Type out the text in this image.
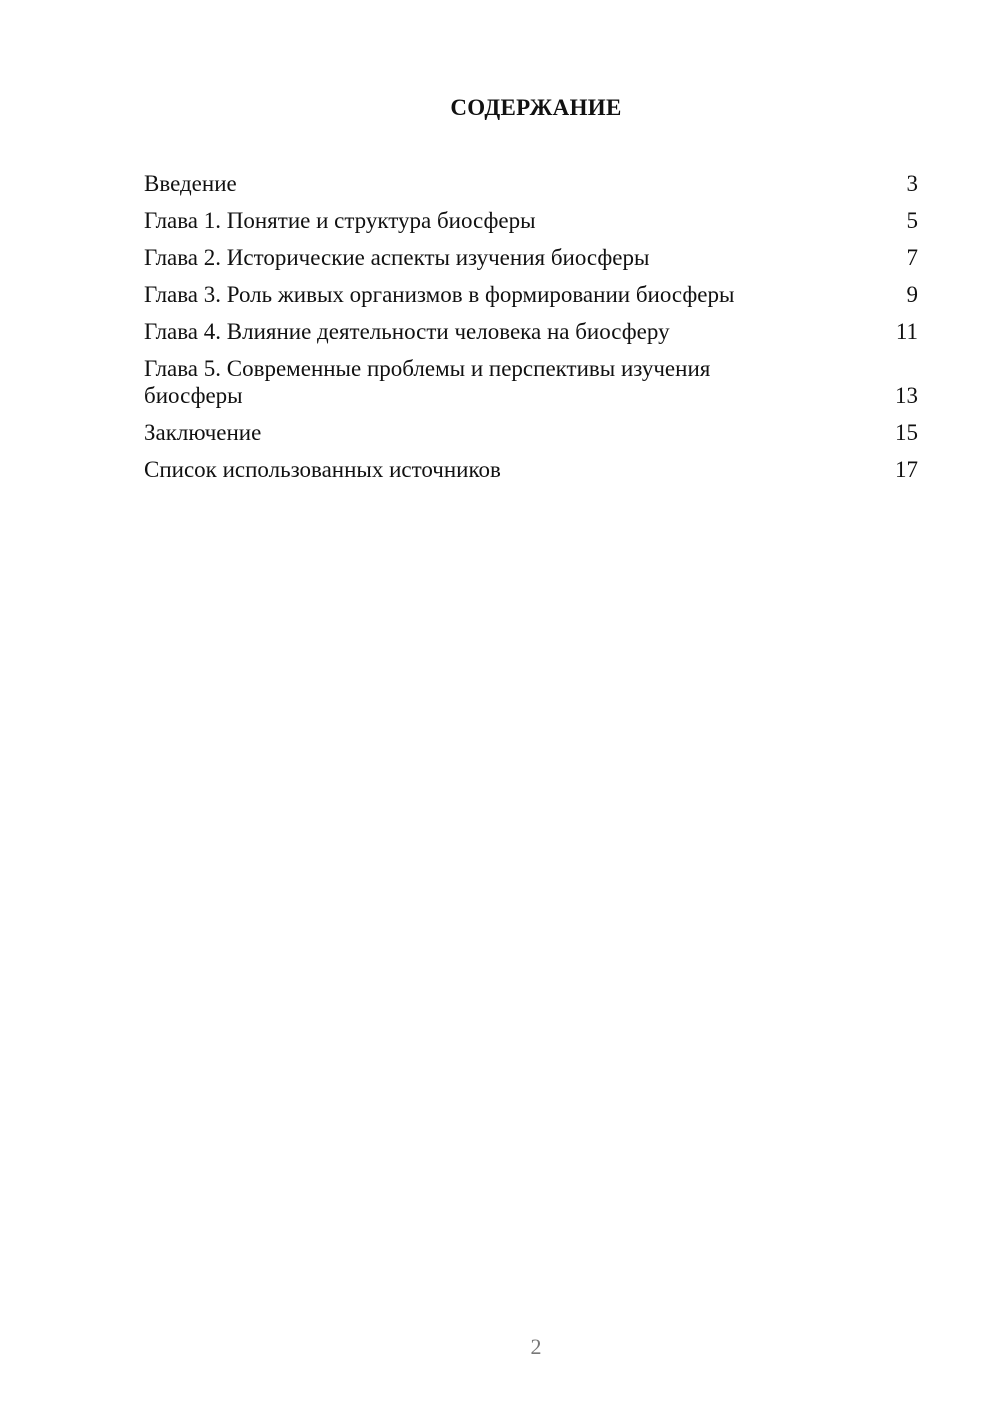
СОДЕРЖАНИЕ
Введение	3
Глава 1. Понятие и структура биосферы	5
Глава 2. Исторические аспекты изучения биосферы	7
Глава 3. Роль живых организмов в формировании биосферы	9
Глава 4. Влияние деятельности человека на биосферу	11
Глава 5. Современные проблемы и перспективы изучения биосферы	13
Заключение	15
Список использованных источников	17
2
